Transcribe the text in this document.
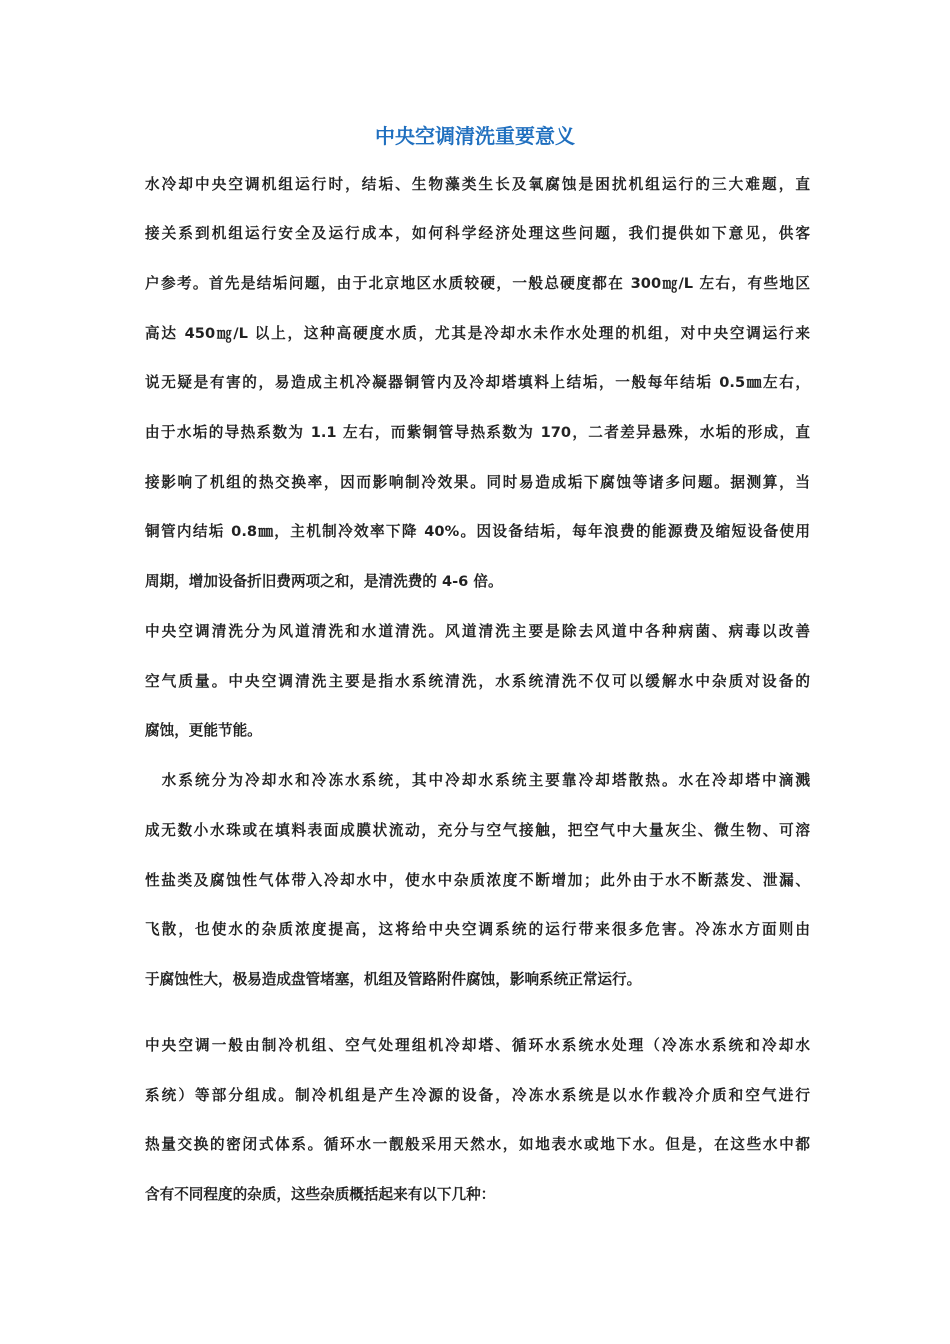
中央空调清洗重要意义
水冷却中央空调机组运行时，结垢、生物藻类生长及氧腐蚀是困扰机组运行的三大难题，直
接关系到机组运行安全及运行成本，如何科学经济处理这些问题，我们提供如下意见，供客
户参考。首先是结垢问题，由于北京地区水质较硬，一般总硬度都在 300㎎/L 左右，有些地区
高达 450㎎/L 以上，这种高硬度水质，尤其是冷却水未作水处理的机组，对中央空调运行来
说无疑是有害的，易造成主机冷凝器铜管内及冷却塔填料上结垢，一般每年结垢 0.5㎜左右，
由于水垢的导热系数为 1.1 左右，而紫铜管导热系数为 170，二者差异悬殊，水垢的形成，直
接影响了机组的热交换率，因而影响制冷效果。同时易造成垢下腐蚀等诸多问题。据测算，当
铜管内结垢 0.8㎜，主机制冷效率下降 40%。因设备结垢，每年浪费的能源费及缩短设备使用
周期，增加设备折旧费两项之和，是清洗费的 4-6 倍。
中央空调清洗分为风道清洗和水道清洗。风道清洗主要是除去风道中各种病菌、病毒以改善
空气质量。中央空调清洗主要是指水系统清洗，水系统清洗不仅可以缓解水中杂质对设备的
腐蚀，更能节能。
　水系统分为冷却水和冷冻水系统，其中冷却水系统主要靠冷却塔散热。水在冷却塔中滴溅
成无数小水珠或在填料表面成膜状流动，充分与空气接触，把空气中大量灰尘、微生物、可溶
性盐类及腐蚀性气体带入冷却水中，使水中杂质浓度不断增加；此外由于水不断蒸发、泄漏、
飞散，也使水的杂质浓度提高，这将给中央空调系统的运行带来很多危害。冷冻水方面则由
于腐蚀性大，极易造成盘管堵塞，机组及管路附件腐蚀，影响系统正常运行。
中央空调一般由制冷机组、空气处理组机冷却塔、循环水系统水处理（冷冻水系统和冷却水
系统）等部分组成。制冷机组是产生冷源的设备，冷冻水系统是以水作载冷介质和空气进行
热量交换的密闭式体系。循环水一靓般采用天然水，如地表水或地下水。但是，在这些水中都
含有不同程度的杂质，这些杂质概括起来有以下几种：
